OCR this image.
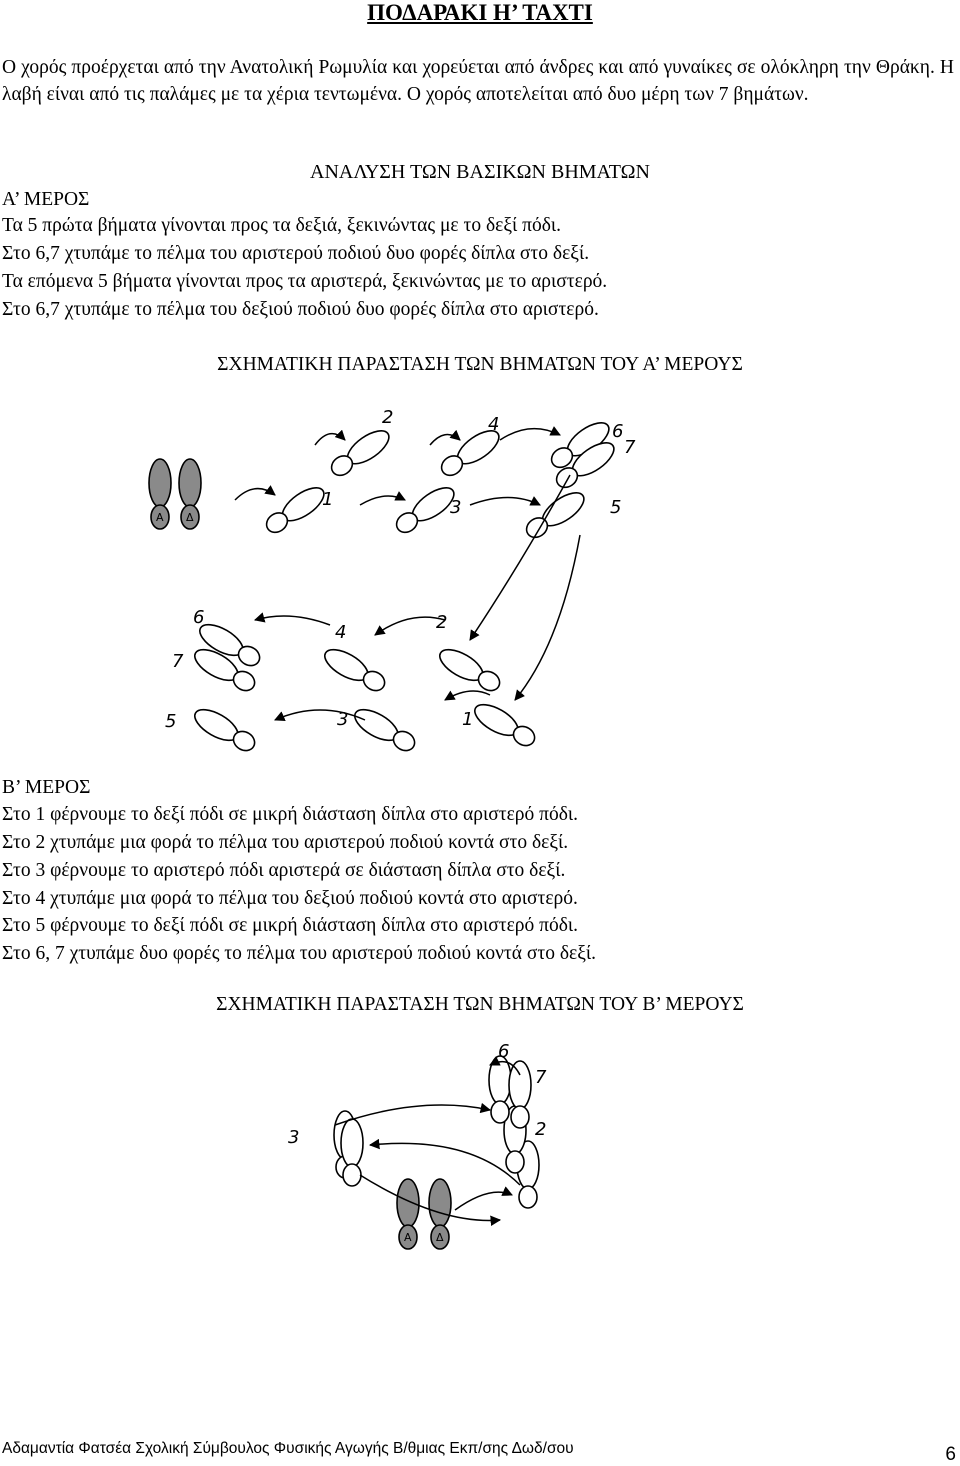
ΠΟΔΑΡΑΚΙ Η’ ΤΑΧΤΙ

Ο χορός προέρχεται από την Ανατολική Ρωμυλία και χορεύεται από άνδρες και από γυναίκες σε ολόκληρη την Θράκη. Η λαβή είναι από τις παλάμες με τα χέρια τεντωμένα. Ο χορός αποτελείται από δυο μέρη των 7 βημάτων.

ΑΝΑΛΥΣΗ ΤΩΝ ΒΑΣΙΚΩΝ ΒΗΜΑΤΩΝ
Α’ ΜΕΡΟΣ
Τα 5 πρώτα βήματα γίνονται προς τα δεξιά, ξεκινώντας με το δεξί πόδι.
Στο 6,7 χτυπάμε το πέλμα του αριστερού ποδιού δυο φορές δίπλα στο δεξί.
Τα επόμενα 5 βήματα γίνονται προς τα αριστερά, ξεκινώντας με το αριστερό.
Στο 6,7 χτυπάμε το πέλμα του δεξιού ποδιού δυο φορές δίπλα στο αριστερό.
ΣΧΗΜΑΤΙΚΗ ΠΑΡΑΣΤΑΣΗ ΤΩΝ ΒΗΜΑΤΩΝ ΤΟΥ Α’ ΜΕΡΟΥΣ
Α Δ
1
2
3
4
5
6
7
1
2
3
4
5
6
7
Β’ ΜΕΡΟΣ
Στο 1 φέρνουμε το δεξί πόδι σε μικρή διάσταση δίπλα στο αριστερό πόδι.
Στο 2 χτυπάμε μια φορά το πέλμα του αριστερού ποδιού κοντά στο δεξί.
Στο 3 φέρνουμε το αριστερό πόδι αριστερά σε διάσταση δίπλα στο δεξί.
Στο 4 χτυπάμε μια φορά το πέλμα του δεξιού ποδιού κοντά στο αριστερό.
Στο 5 φέρνουμε το δεξί πόδι σε μικρή διάσταση δίπλα στο αριστερό πόδι.
Στο 6, 7 χτυπάμε δυο φορές το πέλμα του αριστερού ποδιού κοντά στο δεξί.
ΣΧΗΜΑΤΙΚΗ ΠΑΡΑΣΤΑΣΗ ΤΩΝ ΒΗΜΑΤΩΝ ΤΟΥ Β’ ΜΕΡΟΥΣ
Α Δ
6
7
2
3
Αδαμαντία Φατσέα Σχολική Σύμβουλος Φυσικής Αγωγής Β/θμιας Εκπ/σης Δωδ/σου	6
